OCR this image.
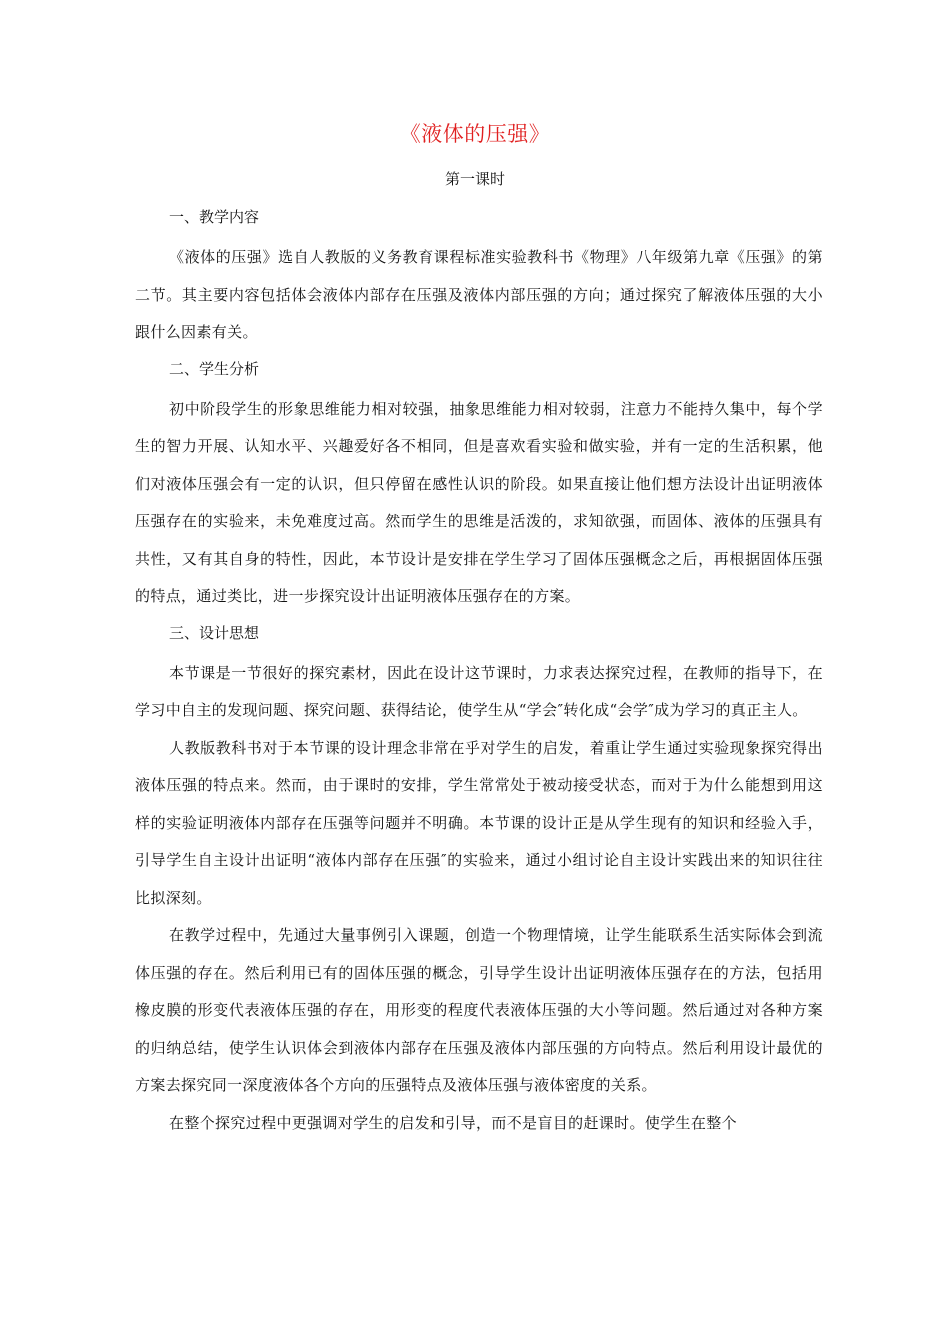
《液体的压强》
第一课时

一、教学内容

《液体的压强》选自人教版的义务教育课程标准实验教科书《物理》八年级第九章《压强》的第二节。其主要内容包括体会液体内部存在压强及液体内部压强的方向；通过探究了解液体压强的大小跟什么因素有关。

二、学生分析

初中阶段学生的形象思维能力相对较强，抽象思维能力相对较弱，注意力不能持久集中，每个学生的智力开展、认知水平、兴趣爱好各不相同，但是喜欢看实验和做实验，并有一定的生活积累，他们对液体压强会有一定的认识，但只停留在感性认识的阶段。如果直接让他们想方法设计出证明液体压强存在的实验来，未免难度过高。然而学生的思维是活泼的，求知欲强，而固体、液体的压强具有共性，又有其自身的特性，因此，本节设计是安排在学生学习了固体压强概念之后，再根据固体压强的特点，通过类比，进一步探究设计出证明液体压强存在的方案。

三、设计思想

本节课是一节很好的探究素材，因此在设计这节课时，力求表达探究过程，在教师的指导下，在学习中自主的发现问题、探究问题、获得结论，使学生从“学会″转化成“会学″成为学习的真正主人。

人教版教科书对于本节课的设计理念非常在乎对学生的启发，着重让学生通过实验现象探究得出液体压强的特点来。然而，由于课时的安排，学生常常处于被动接受状态，而对于为什么能想到用这样的实验证明液体内部存在压强等问题并不明确。本节课的设计正是从学生现有的知识和经验入手，引导学生自主设计出证明“液体内部存在压强″的实验来，通过小组讨论自主设计实践出来的知识往往比拟深刻。

在教学过程中，先通过大量事例引入课题，创造一个物理情境，让学生能联系生活实际体会到流体压强的存在。然后利用已有的固体压强的概念，引导学生设计出证明液体压强存在的方法，包括用橡皮膜的形变代表液体压强的存在，用形变的程度代表液体压强的大小等问题。然后通过对各种方案的归纳总结，使学生认识体会到液体内部存在压强及液体内部压强的方向特点。然后利用设计最优的方案去探究同一深度液体各个方向的压强特点及液体压强与液体密度的关系。

在整个探究过程中更强调对学生的启发和引导，而不是盲目的赶课时。使学生在整个
